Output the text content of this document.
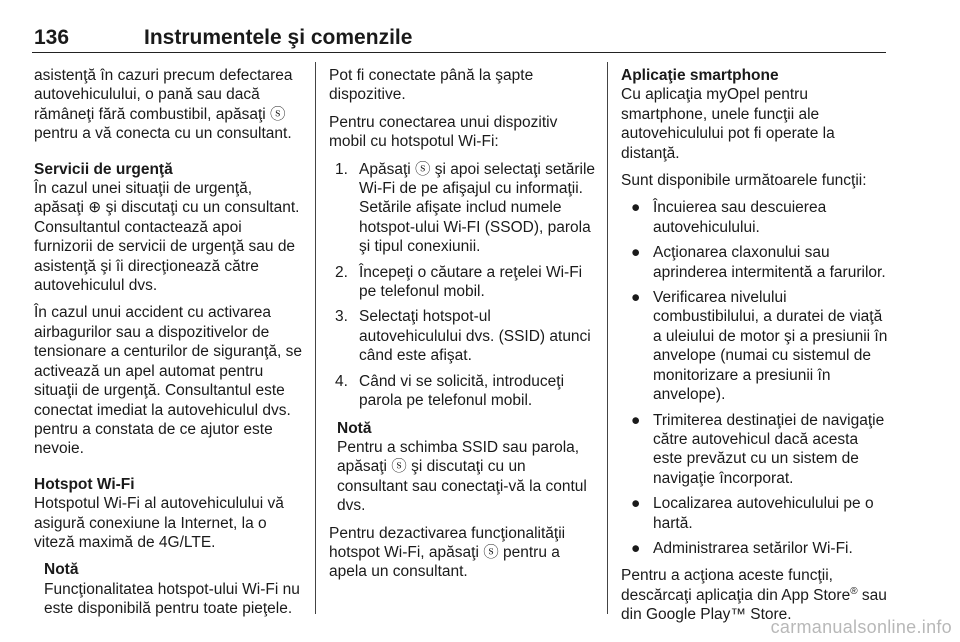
136	Instrumentele şi comenzile

asistenţă în cazuri precum defectarea autovehiculului, o pană sau dacă rămâneţi fără combustibil, apăsaţi ⓢ pentru a vă conecta cu un consultant.

Servicii de urgenţă

În cazul unei situaţii de urgenţă, apăsaţi ⊕ şi discutaţi cu un consultant. Consultantul contactează apoi furnizorii de servicii de urgenţă sau de asistenţă şi îi direcţionează către autovehiculul dvs.

În cazul unui accident cu activarea airbagurilor sau a dispozitivelor de tensionare a centurilor de siguranţă, se activează un apel automat pentru situaţii de urgenţă. Consultantul este conectat imediat la autovehiculul dvs. pentru a constata de ce ajutor este nevoie.

Hotspot Wi-Fi

Hotspotul Wi-Fi al autovehiculului vă asigură conexiune la Internet, la o viteză maximă de 4G/LTE.

Notă

Funcţionalitatea hotspot-ului Wi-Fi nu este disponibilă pentru toate pieţele.

Pot fi conectate până la şapte dispozitive.

Pentru conectarea unui dispozitiv mobil cu hotspotul Wi-Fi:

1. Apăsaţi ⓢ şi apoi selectaţi setările Wi-Fi de pe afişajul cu informaţii. Setările afişate includ numele hotspot-ului Wi-FI (SSOD), parola şi tipul conexiunii.
2. Începeţi o căutare a reţelei Wi-Fi pe telefonul mobil.
3. Selectaţi hotspot-ul autovehiculului dvs. (SSID) atunci când este afişat.
4. Când vi se solicită, introduceţi parola pe telefonul mobil.

Notă

Pentru a schimba SSID sau parola, apăsaţi ⓢ şi discutaţi cu un consultant sau conectaţi-vă la contul dvs.

Pentru dezactivarea funcţionalităţii hotspot Wi-Fi, apăsaţi ⓢ pentru a apela un consultant.

Aplicaţie smartphone

Cu aplicaţia myOpel pentru smartphone, unele funcţii ale autovehiculului pot fi operate la distanţă.

Sunt disponibile următoarele funcţii:

● Încuierea sau descuierea autovehiculului.
● Acţionarea claxonului sau aprinderea intermitentă a farurilor.
● Verificarea nivelului combustibilului, a duratei de viaţă a uleiului de motor şi a presiunii în anvelope (numai cu sistemul de monitorizare a presiunii în anvelope).
● Trimiterea destinaţiei de navigaţie către autovehicul dacă acesta este prevăzut cu un sistem de navigaţie încorporat.
● Localizarea autovehiculului pe o hartă.
● Administrarea setărilor Wi-Fi.

Pentru a acţiona aceste funcţii, descărcaţi aplicaţia din App Store® sau din Google Play™ Store.

carmanualsonline.info
